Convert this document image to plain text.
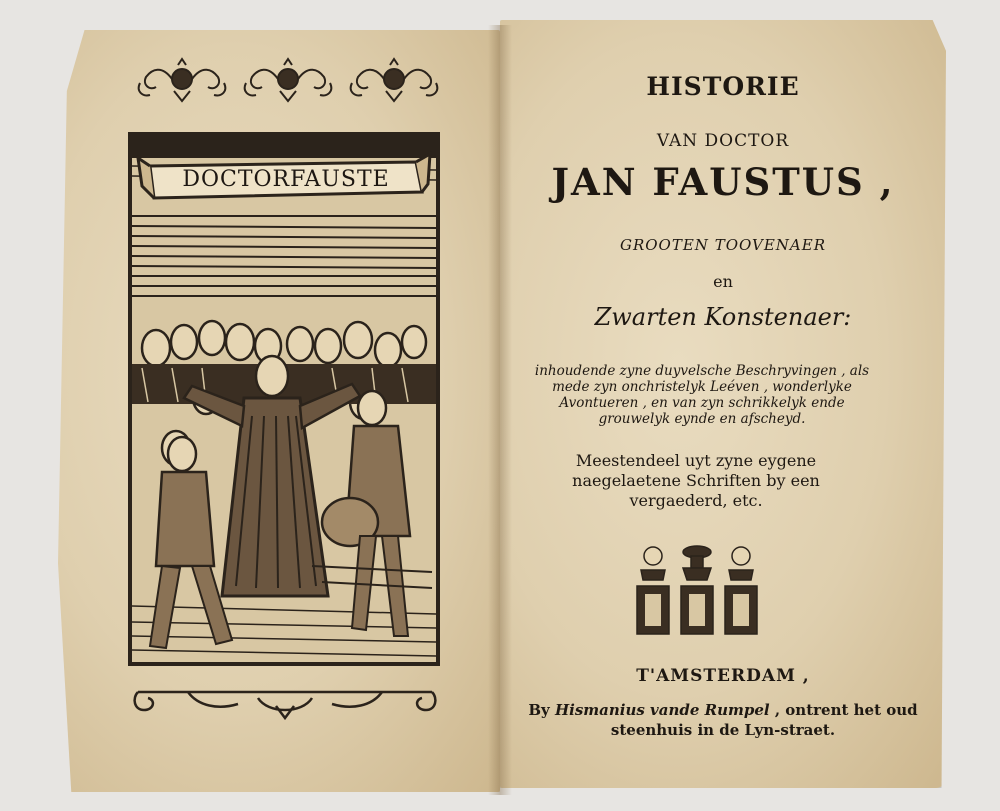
DOCTORFAUSTE
HISTORIE
VAN DOCTOR
JAN FAUSTUS ,
GROOTEN TOOVENAER
en
Zwarten Konstenaer:
inhoudende zyne duyvelsche Beschryvingen , als mede zyn onchristelyk Leéven , wonderlyke Avontueren , en van zyn schrikkelyk ende grouwelyk eynde en afscheyd.
Meestendeel uyt zyne eygene naegelaetene Schriften by een vergaederd, etc.
T'AMSTERDAM ,
By Hismanius vande Rumpel , ontrent het oud steenhuis in de Lyn-straet.
